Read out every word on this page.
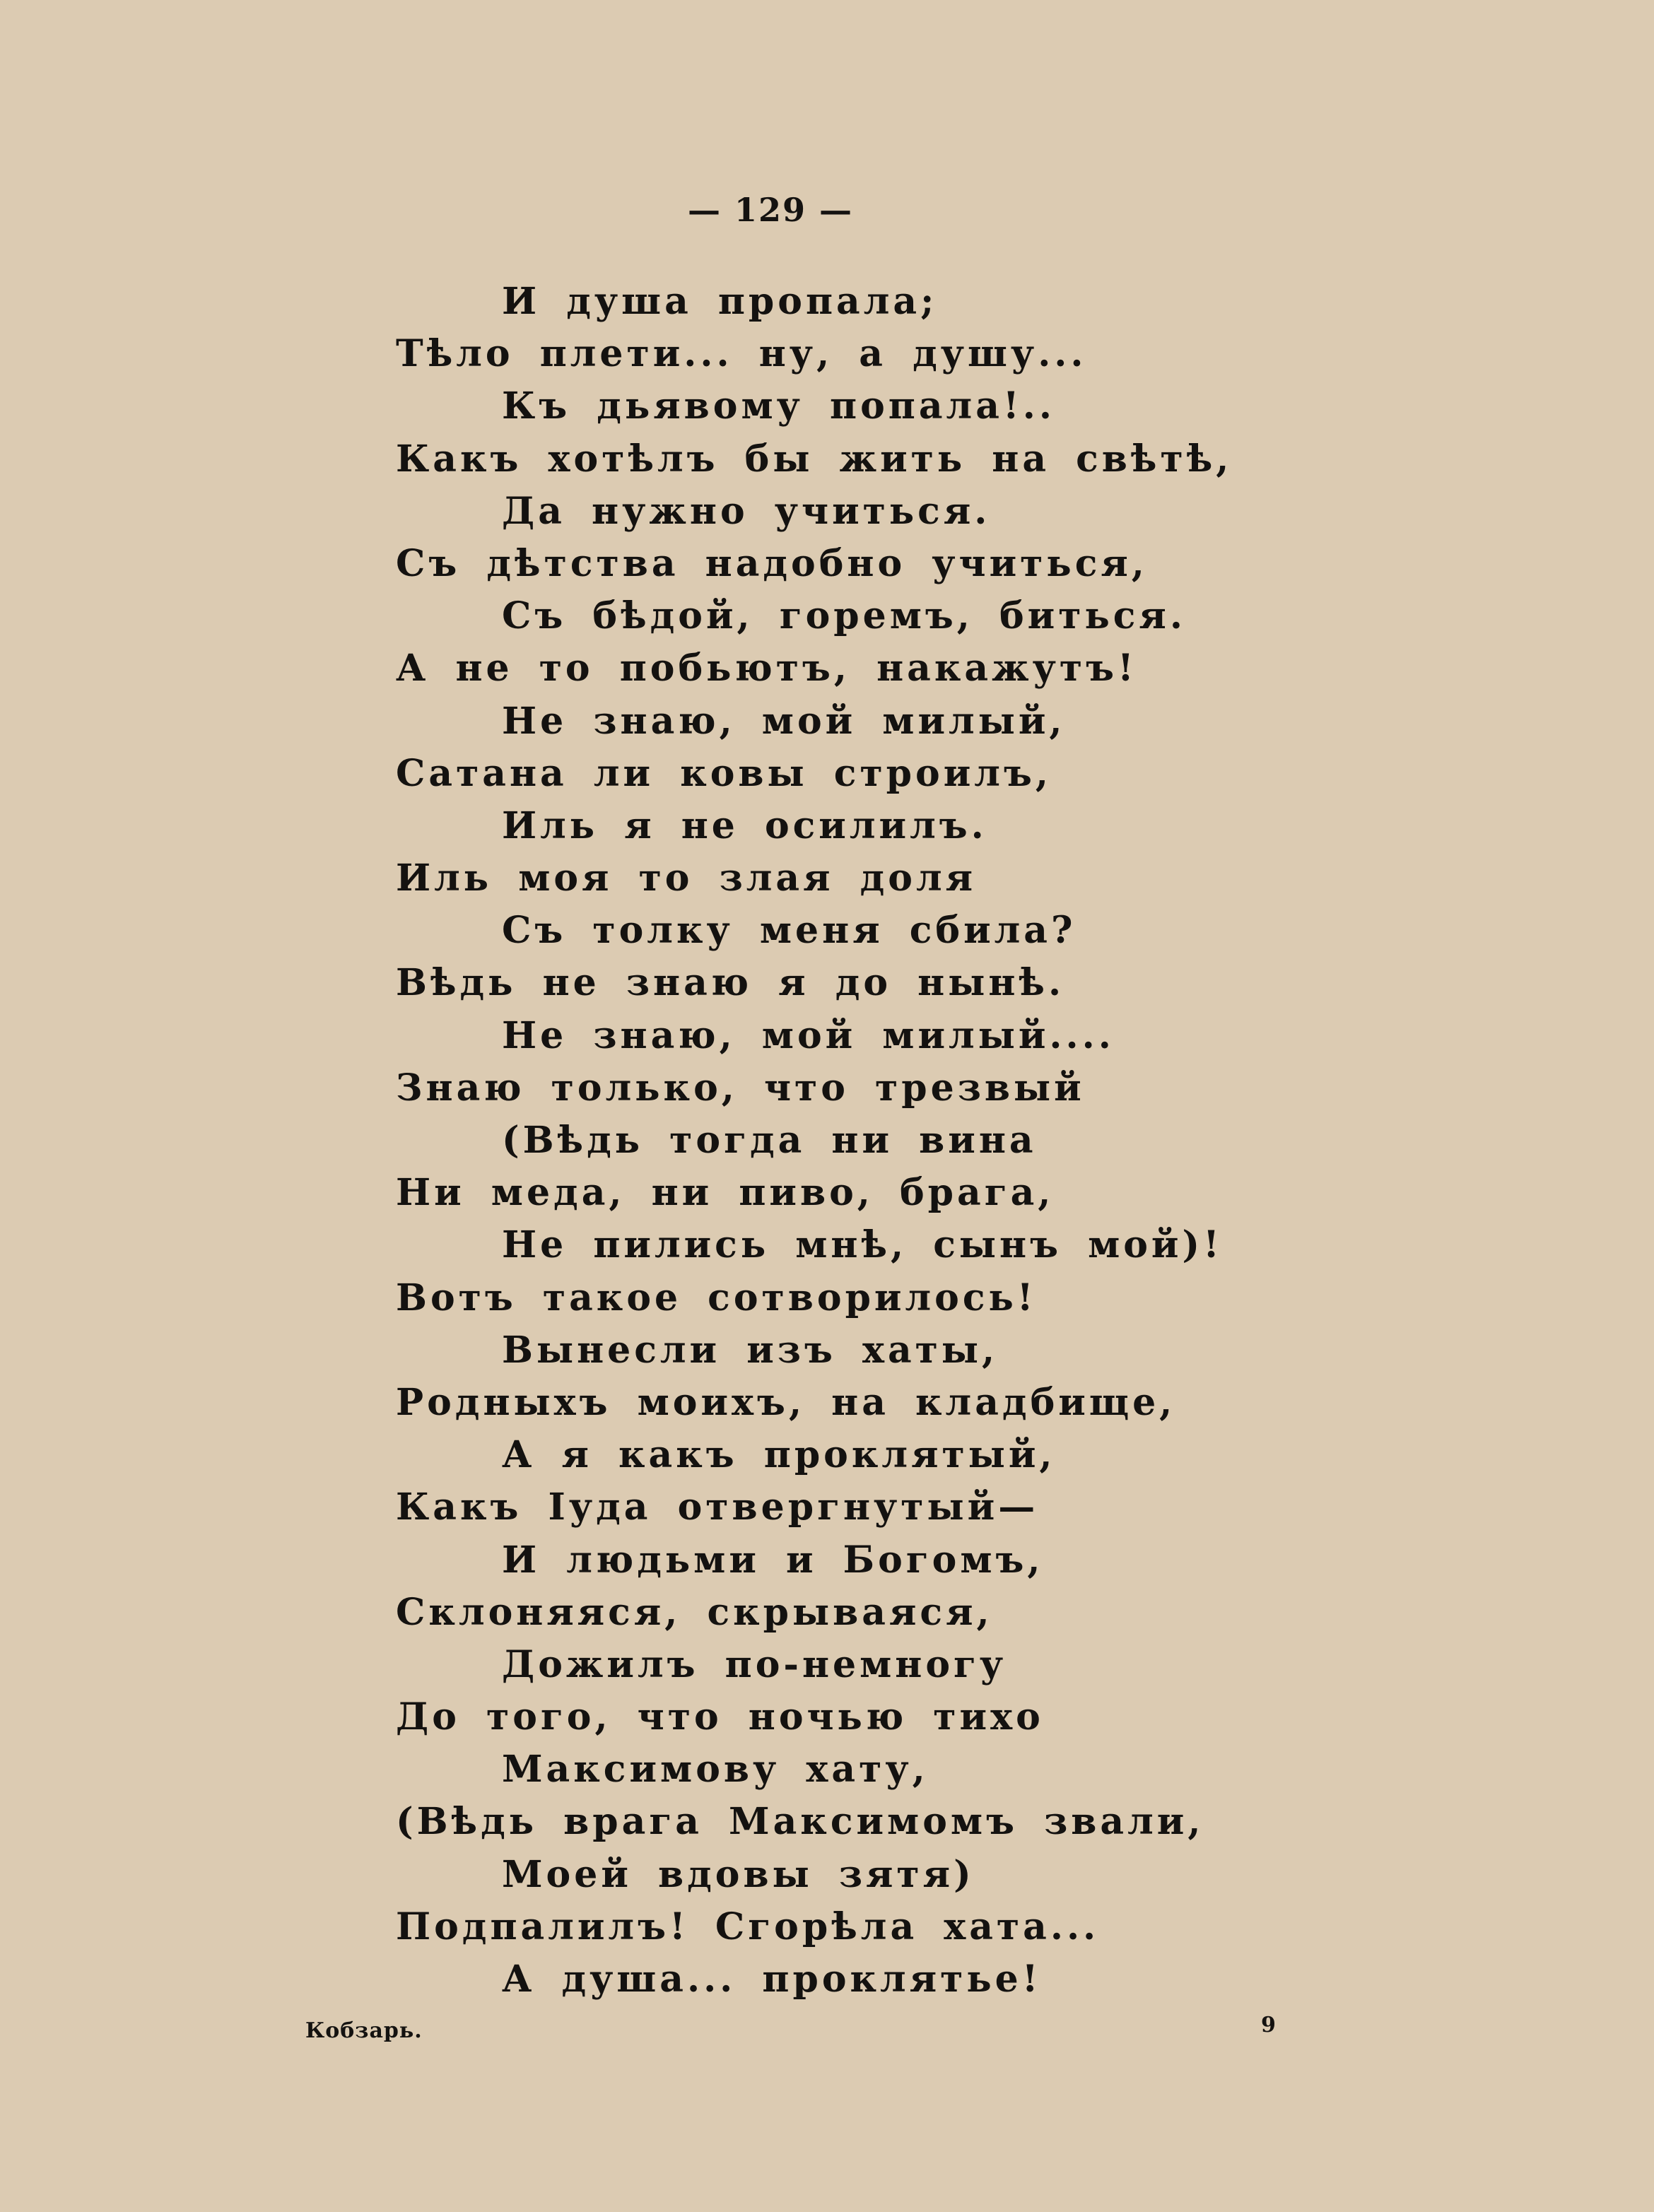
— 129 —
И душа пропала;
Тѣло плети... ну, а душу...
Къ дьявому попала!..
Какъ хотѣлъ бы жить на свѣтѣ,
Да нужно учиться.
Съ дѣтства надобно учиться,
Съ бѣдой, горемъ, биться.
А не то побьютъ, накажутъ!
Не знаю, мой милый,
Сатана ли ковы строилъ,
Иль я не осилилъ.
Иль моя то злая доля
Съ толку меня сбила?
Вѣдь не знаю я до нынѣ.
Не знаю, мой милый....
Знаю только, что трезвый
(Вѣдь тогда ни вина
Ни меда, ни пиво, брага,
Не пились мнѣ, сынъ мой)!
Вотъ такое сотворилось!
Вынесли изъ хаты,
Родныхъ моихъ, на кладбище,
А я какъ проклятый,
Какъ Іуда отвергнутый—
И людьми и Богомъ,
Склоняяся, скрываяся,
Дожилъ по-немногу
До того, что ночью тихо
Максимову хату,
(Вѣдь врага Максимомъ звали,
Моей вдовы зятя)
Подпалилъ! Сгорѣла хата...
А душа... проклятье!
Кобзарь.	9
